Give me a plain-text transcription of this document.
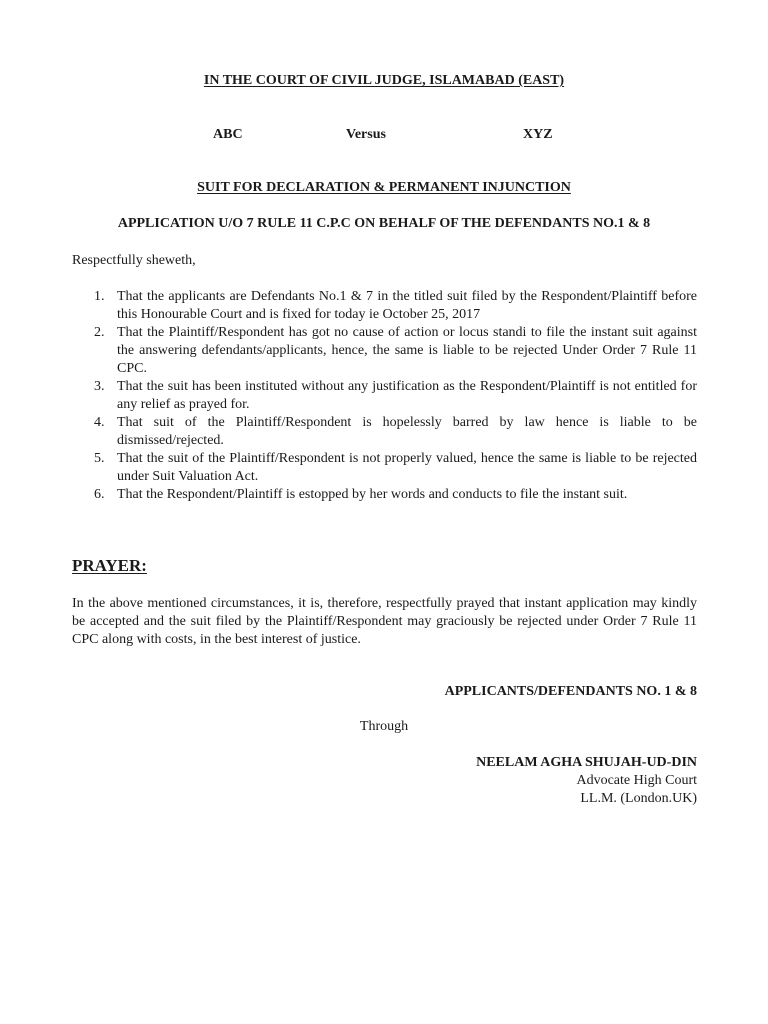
IN THE COURT OF CIVIL JUDGE, ISLAMABAD (EAST)
ABC	Versus	XYZ
SUIT FOR DECLARATION & PERMANENT INJUNCTION
APPLICATION U/O 7 RULE 11 C.P.C ON BEHALF OF THE DEFENDANTS NO.1 & 8
Respectfully sheweth,
1. That the applicants are Defendants No.1 & 7 in the titled suit filed by the Respondent/Plaintiff before this Honourable Court and is fixed for today ie October 25, 2017
2. That the Plaintiff/Respondent has got no cause of action or locus standi to file the instant suit against the answering defendants/applicants, hence, the same is liable to be rejected Under Order 7 Rule 11 CPC.
3. That the suit has been instituted without any justification as the Respondent/Plaintiff is not entitled for any relief as prayed for.
4. That suit of the Plaintiff/Respondent is hopelessly barred by law hence is liable to be dismissed/rejected.
5. That the suit of the Plaintiff/Respondent is not properly valued, hence the same is liable to be rejected under Suit Valuation Act.
6. That the Respondent/Plaintiff is estopped by her words and conducts to file the instant suit.
PRAYER:
In the above mentioned circumstances, it is, therefore, respectfully prayed that instant application may kindly be accepted and the suit filed by the Plaintiff/Respondent may graciously be rejected under Order 7 Rule 11 CPC along with costs, in the best interest of justice.
APPLICANTS/DEFENDANTS NO. 1 & 8
Through
NEELAM AGHA SHUJAH-UD-DIN
Advocate High Court
LL.M. (London.UK)
